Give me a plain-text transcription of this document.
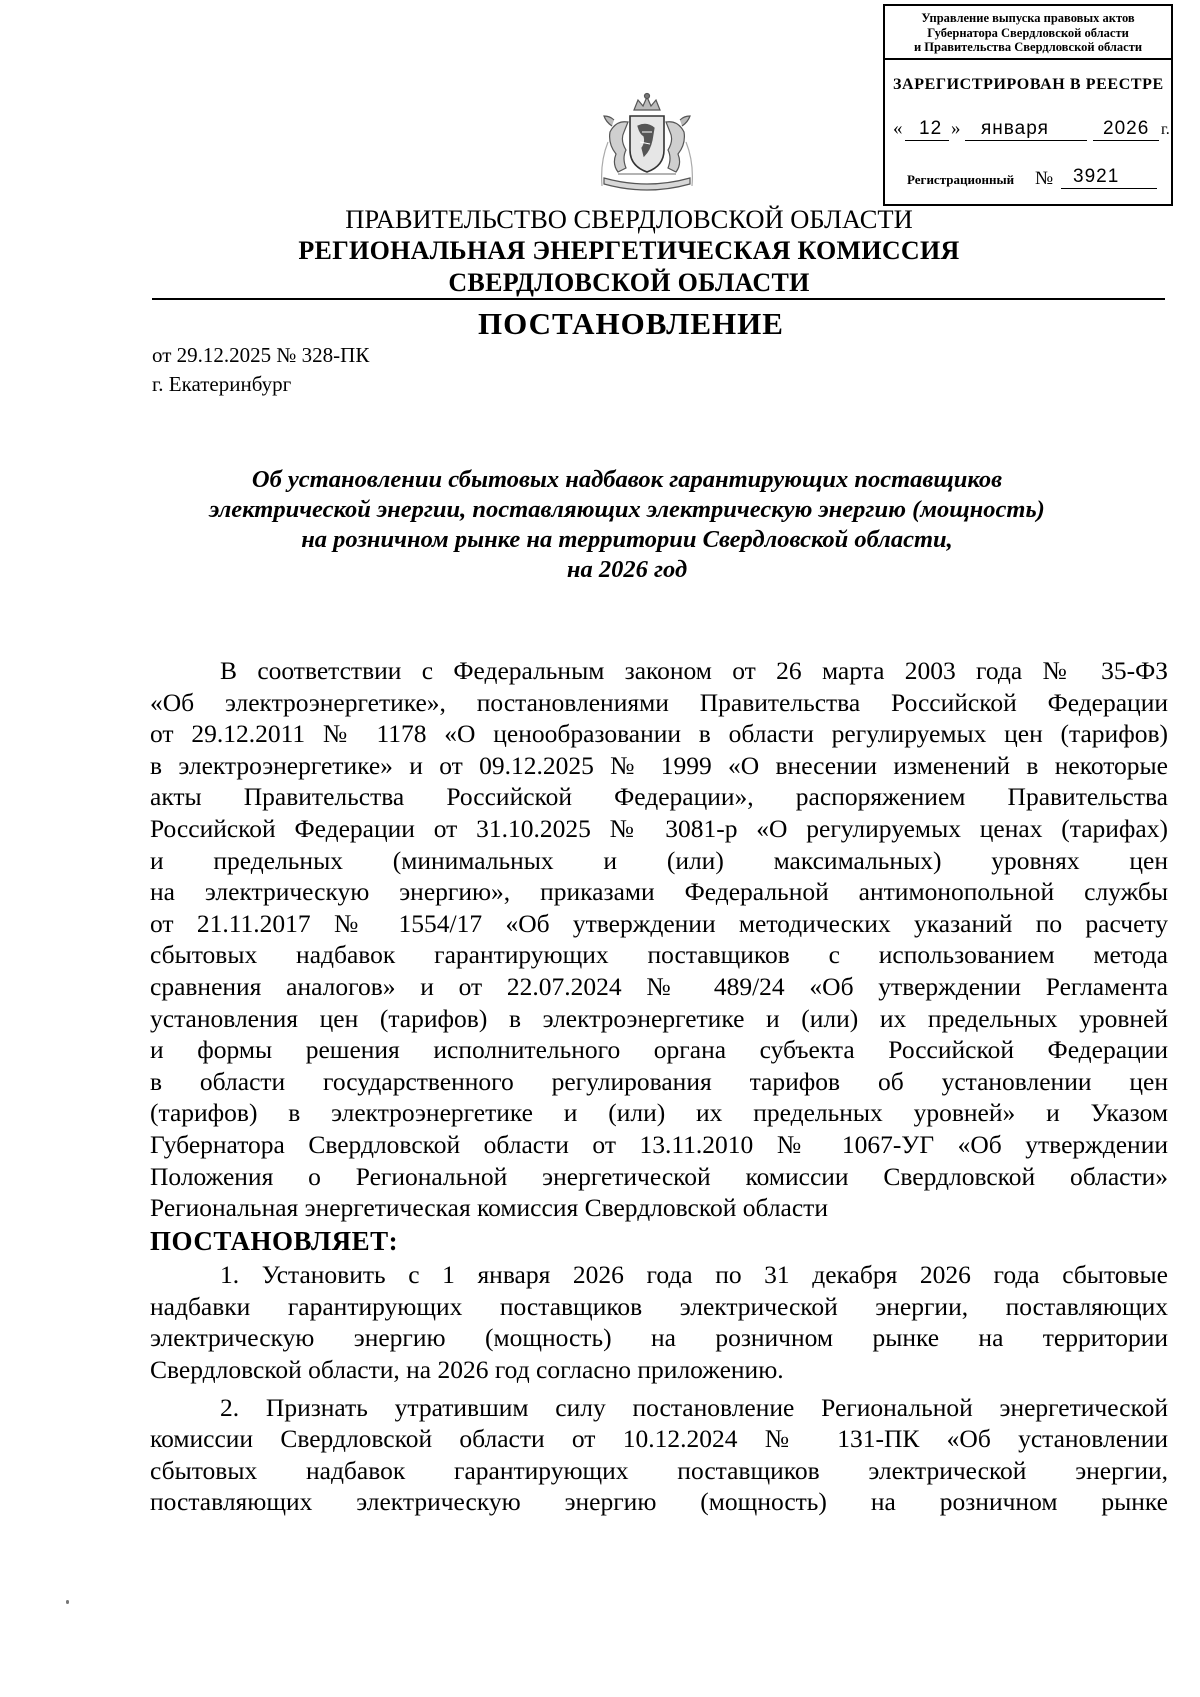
Управление выпуска правовых актов
Губернатора Свердловской области
и Правительства Свердловской области
ЗАРЕГИСТРИРОВАН В РЕЕСТРЕ
« 12 » января	2026 г.
Регистрационный № 3921
ПРАВИТЕЛЬСТВО СВЕРДЛОВСКОЙ ОБЛАСТИ
РЕГИОНАЛЬНАЯ ЭНЕРГЕТИЧЕСКАЯ КОМИССИЯ
СВЕРДЛОВСКОЙ ОБЛАСТИ
ПОСТАНОВЛЕНИЕ
от 29.12.2025 № 328-ПК
г. Екатеринбург
Об установлении сбытовых надбавок гарантирующих поставщиков
электрической энергии, поставляющих электрическую энергию (мощность)
на розничном рынке на территории Свердловской области,
на 2026 год

В соответствии с Федеральным законом от 26 марта 2003 года № 35-ФЗ

«Об электроэнергетике», постановлениями Правительства Российской Федерации

от 29.12.2011 № 1178 «О ценообразовании в области регулируемых цен (тарифов)

в электроэнергетике» и от 09.12.2025 № 1999 «О внесении изменений в некоторые

акты Правительства Российской Федерации», распоряжением Правительства

Российской Федерации от 31.10.2025 № 3081-р «О регулируемых ценах (тарифах)

и предельных (минимальных и (или) максимальных) уровнях цен

на электрическую энергию», приказами Федеральной антимонопольной службы

от 21.11.2017 № 1554/17 «Об утверждении методических указаний по расчету

сбытовых надбавок гарантирующих поставщиков с использованием метода

сравнения аналогов» и от 22.07.2024 № 489/24 «Об утверждении Регламента

установления цен (тарифов) в электроэнергетике и (или) их предельных уровней

и формы решения исполнительного органа субъекта Российской Федерации

в области государственного регулирования тарифов об установлении цен

(тарифов) в электроэнергетике и (или) их предельных уровней» и Указом

Губернатора Свердловской области от 13.11.2010 № 1067-УГ «Об утверждении

Положения о Региональной энергетической комиссии Свердловской области»

Региональная энергетическая комиссия Свердловской области

ПОСТАНОВЛЯЕТ:

1. Установить с 1 января 2026 года по 31 декабря 2026 года сбытовые

надбавки гарантирующих поставщиков электрической энергии, поставляющих

электрическую энергию (мощность) на розничном рынке на территории

Свердловской области, на 2026 год согласно приложению.

2. Признать утратившим силу постановление Региональной энергетической

комиссии Свердловской области от 10.12.2024 № 131-ПК «Об установлении

сбытовых надбавок гарантирующих поставщиков электрической энергии,

поставляющих электрическую энергию (мощность) на розничном рынке
